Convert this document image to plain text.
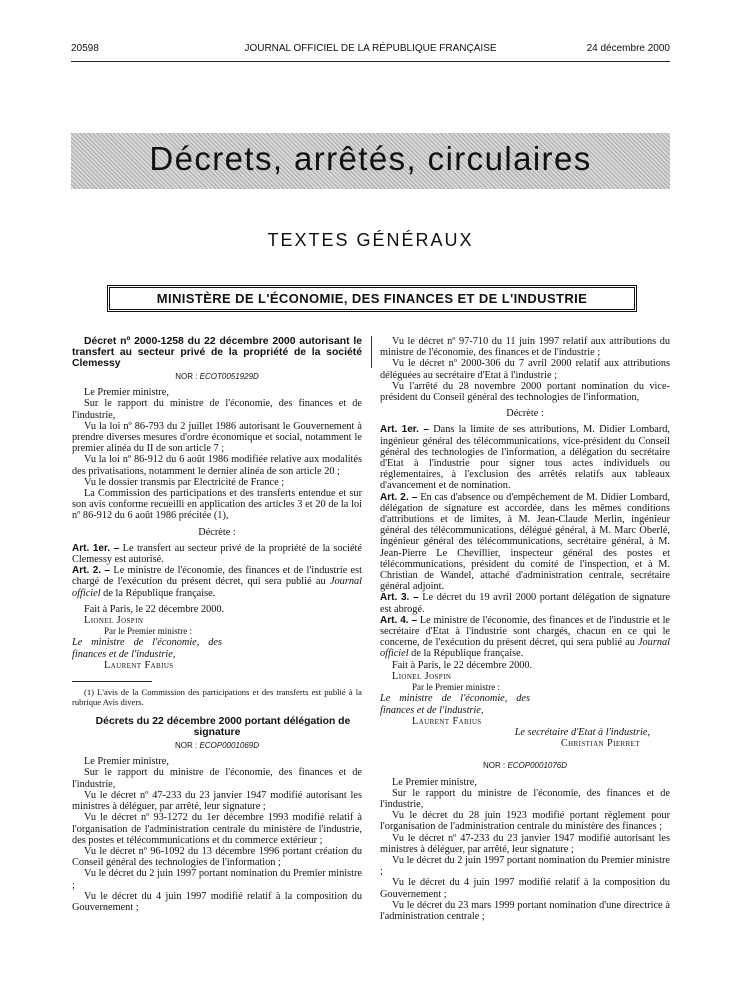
20598	JOURNAL OFFICIEL DE LA RÉPUBLIQUE FRANÇAISE	24 décembre 2000
Décrets, arrêtés, circulaires
TEXTES GÉNÉRAUX
MINISTÈRE DE L'ÉCONOMIE, DES FINANCES ET DE L'INDUSTRIE

Décret nº 2000-1258 du 22 décembre 2000 autorisant le transfert au secteur privé de la propriété de la société Clemessy

NOR : ECOT0051929D

Le Premier ministre,

Sur le rapport du ministre de l'économie, des finances et de l'industrie,

Vu la loi nº 86-793 du 2 juillet 1986 autorisant le Gouvernement à prendre diverses mesures d'ordre économique et social, notamment le premier alinéa du II de son article 7 ;

Vu la loi nº 86-912 du 6 août 1986 modifiée relative aux modalités des privatisations, notamment le dernier alinéa de son article 20 ;

Vu le dossier transmis par Electricité de France ;

La Commission des participations et des transferts entendue et sur son avis conforme recueilli en application des articles 3 et 20 de la loi nº 86-912 du 6 août 1986 précitée (1),

Décrète :

Art. 1er. – Le transfert au secteur privé de la propriété de la société Clemessy est autorisé.

Art. 2. – Le ministre de l'économie, des finances et de l'industrie est chargé de l'exécution du présent décret, qui sera publié au Journal officiel de la République française.

Fait à Paris, le 22 décembre 2000.

Lionel Jospin

Par le Premier ministre :

Le ministre de l'économie, des finances et de l'industrie,

Laurent Fabius

(1) L'avis de la Commission des participations et des transferts est publié à la rubrique Avis divers.

Décrets du 22 décembre 2000 portant délégation de signature

NOR : ECOP0001069D

Le Premier ministre,

Sur le rapport du ministre de l'économie, des finances et de l'industrie,

Vu le décret nº 47-233 du 23 janvier 1947 modifié autorisant les ministres à déléguer, par arrêté, leur signature ;

Vu le décret nº 93-1272 du 1er décembre 1993 modifié relatif à l'organisation de l'administration centrale du ministère de l'industrie, des postes et télécommunications et du commerce extérieur ;

Vu le décret nº 96-1092 du 13 décembre 1996 portant création du Conseil général des technologies de l'information ;

Vu le décret du 2 juin 1997 portant nomination du Premier ministre ;

Vu le décret du 4 juin 1997 modifié relatif à la composition du Gouvernement ;

Vu le décret nº 97-710 du 11 juin 1997 relatif aux attributions du ministre de l'économie, des finances et de l'industrie ;

Vu le décret nº 2000-306 du 7 avril 2000 relatif aux attributions déléguées au secrétaire d'Etat à l'industrie ;

Vu l'arrêté du 28 novembre 2000 portant nomination du vice-président du Conseil général des technologies de l'information,

Décrète :

Art. 1er. – Dans la limite de ses attributions, M. Didier Lombard, ingénieur général des télécommunications, vice-président du Conseil général des technologies de l'information, a délégation du secrétaire d'Etat à l'industrie pour signer tous actes individuels ou réglementaires, à l'exclusion des arrêtés relatifs aux tableaux d'avancement et de nomination.

Art. 2. – En cas d'absence ou d'empêchement de M. Didier Lombard, délégation de signature est accordée, dans les mêmes conditions d'attributions et de limites, à M. Jean-Claude Merlin, ingénieur général des télécommunications, délégué général, à M. Marc Oberlé, ingénieur général des télécommunications, secrétaire général, à M. Jean-Pierre Le Chevillier, inspecteur général des postes et télécommunications, président du comité de l'inspection, et à M. Christian de Wandel, attaché d'administration centrale, secrétaire général adjoint.

Art. 3. – Le décret du 19 avril 2000 portant délégation de signature est abrogé.

Art. 4. – Le ministre de l'économie, des finances et de l'industrie et le secrétaire d'Etat à l'industrie sont chargés, chacun en ce qui le concerne, de l'exécution du présent décret, qui sera publié au Journal officiel de la République française.

Fait à Paris, le 22 décembre 2000.

Lionel Jospin

Par le Premier ministre :

Le ministre de l'économie, des finances et de l'industrie,

Laurent Fabius

Le secrétaire d'Etat à l'industrie,

Christian Pierret

NOR : ECOP0001076D

Le Premier ministre,

Sur le rapport du ministre de l'économie, des finances et de l'industrie,

Vu le décret du 28 juin 1923 modifié portant règlement pour l'organisation de l'administration centrale du ministère des finances ;

Vu le décret nº 47-233 du 23 janvier 1947 modifié autorisant les ministres à déléguer, par arrêté, leur signature ;

Vu le décret du 2 juin 1997 portant nomination du Premier ministre ;

Vu le décret du 4 juin 1997 modifié relatif à la composition du Gouvernement ;

Vu le décret du 23 mars 1999 portant nomination d'une directrice à l'administration centrale ;
